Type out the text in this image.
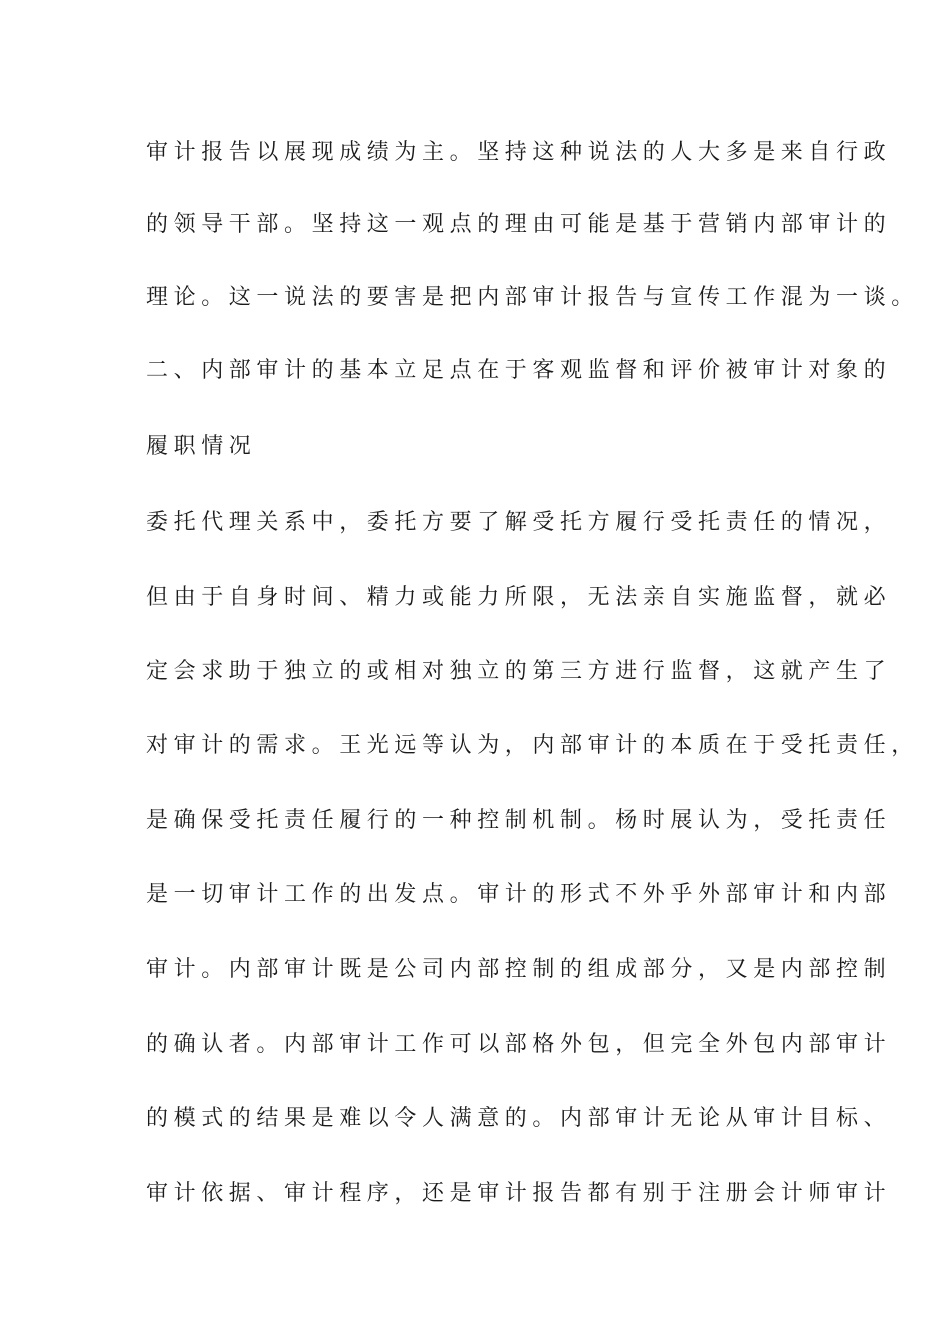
审计报告以展现成绩为主。坚持这种说法的人大多是来自行政
的领导干部。坚持这一观点的理由可能是基于营销内部审计的
理论。这一说法的要害是把内部审计报告与宣传工作混为一谈。
二、内部审计的基本立足点在于客观监督和评价被审计对象的
履职情况
委托代理关系中，委托方要了解受托方履行受托责任的情况，
但由于自身时间、精力或能力所限，无法亲自实施监督，就必
定会求助于独立的或相对独立的第三方进行监督，这就产生了
对审计的需求。王光远等认为，内部审计的本质在于受托责任，
是确保受托责任履行的一种控制机制。杨时展认为，受托责任
是一切审计工作的出发点。审计的形式不外乎外部审计和内部
审计。内部审计既是公司内部控制的组成部分，又是内部控制
的确认者。内部审计工作可以部格外包，但完全外包内部审计
的模式的结果是难以令人满意的。内部审计无论从审计目标、
审计依据、审计程序，还是审计报告都有别于注册会计师审计
